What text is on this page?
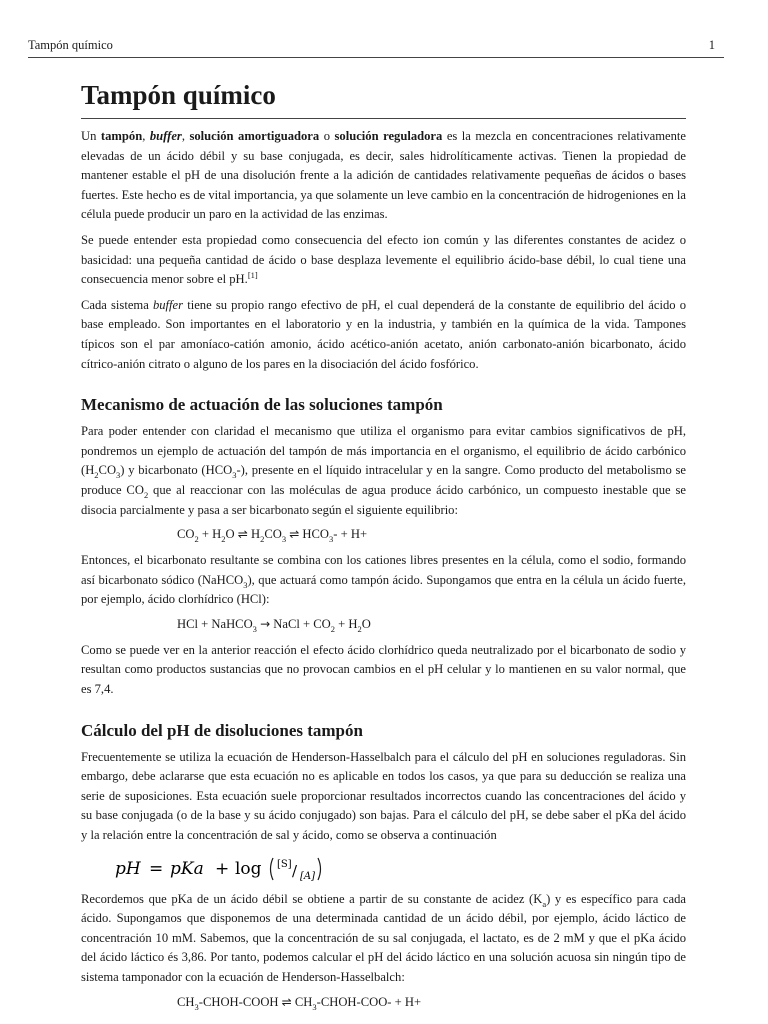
Tampón químico	1
Tampón químico

Un tampón, buffer, solución amortiguadora o solución reguladora es la mezcla en concentraciones relativamente elevadas de un ácido débil y su base conjugada, es decir, sales hidrolíticamente activas. Tienen la propiedad de mantener estable el pH de una disolución frente a la adición de cantidades relativamente pequeñas de ácidos o bases fuertes. Este hecho es de vital importancia, ya que solamente un leve cambio en la concentración de hidrogeniones en la célula puede producir un paro en la actividad de las enzimas.

Se puede entender esta propiedad como consecuencia del efecto ion común y las diferentes constantes de acidez o basicidad: una pequeña cantidad de ácido o base desplaza levemente el equilibrio ácido-base débil, lo cual tiene una consecuencia menor sobre el pH.[1]

Cada sistema buffer tiene su propio rango efectivo de pH, el cual dependerá de la constante de equilibrio del ácido o base empleado. Son importantes en el laboratorio y en la industria, y también en la química de la vida. Tampones típicos son el par amoníaco-catión amonio, ácido acético-anión acetato, anión carbonato-anión bicarbonato, ácido cítrico-anión citrato o alguno de los pares en la disociación del ácido fosfórico.

Mecanismo de actuación de las soluciones tampón

Para poder entender con claridad el mecanismo que utiliza el organismo para evitar cambios significativos de pH, pondremos un ejemplo de actuación del tampón de más importancia en el organismo, el equilibrio de ácido carbónico $(H_2CO_3)$ y bicarbonato $(HCO_3-)$, presente en el líquido intracelular y en la sangre. Como producto del metabolismo se produce $CO_2$ que al reaccionar con las moléculas de agua produce ácido carbónico, un compuesto inestable que se disocia parcialmente y pasa a ser bicarbonato según el siguiente equilibrio:

$CO_2 + H_2O$ ⇌ $H_2CO_3$ ⇌ $HCO_3- + H+$

Entonces, el bicarbonato resultante se combina con los cationes libres presentes en la célula, como el sodio, formando así bicarbonato sódico (NaHCO$_3$), que actuará como tampón ácido. Supongamos que entra en la célula un ácido fuerte, por ejemplo, ácido clorhídrico (HCl):

HCl + NaHCO$_3$ → NaCl + $CO_2 + H_2O$

Como se puede ver en la anterior reacción el efecto ácido clorhídrico queda neutralizado por el bicarbonato de sodio y resultan como productos sustancias que no provocan cambios en el pH celular y lo mantienen en su valor normal, que es 7,4.

Cálculo del pH de disoluciones tampón

Frecuentemente se utiliza la ecuación de Henderson-Hasselbalch para el cálculo del pH en soluciones reguladoras. Sin embargo, debe aclararse que esta ecuación no es aplicable en todos los casos, ya que para su deducción se realiza una serie de suposiciones. Esta ecuación suele proporcionar resultados incorrectos cuando las concentraciones del ácido y su base conjugada (o de la base y su ácido conjugado) son bajas. Para el cálculo del pH, se debe saber el pKa del ácido y la relación entre la concentración de sal y ácido, como se observa a continuación

pH = pKa + log [S] / [A]

Recordemos que pKa de un ácido débil se obtiene a partir de su constante de acidez $(K_a)$ y es específico para cada ácido. Supongamos que disponemos de una determinada cantidad de un ácido débil, por ejemplo, ácido láctico de concentración 10 mM. Sabemos, que la concentración de su sal conjugada, el lactato, es de 2 mM y que el pKa ácido del ácido láctico és 3,86. Por tanto, podemos calcular el pH del ácido láctico en una solución acuosa sin ningún tipo de sistema tamponador con la ecuación de Henderson-Hasselbalch:

$CH_3-CHOH$-COOH ⇌ $CH_3-CHOH-COO- + H+$
